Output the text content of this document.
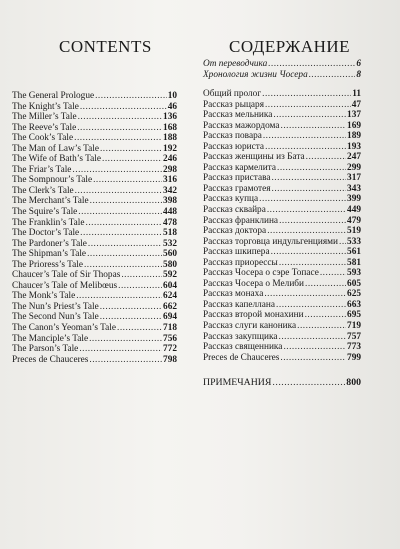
CONTENTS
The General Prologue .....	10
The Knight’s Tale .....	46
The Miller’s Tale .....	136
The Reeve’s Tale .....	168
The Cook’s Tale .....	188
The Man of Law’s Tale .....	192
The Wife of Bath’s Tale .....	246
The Friar’s Tale .....	298
The Sompnour’s Tale .....	316
The Clerk’s Tale .....	342
The Merchant’s Tale .....	398
The Squire’s Tale .....	448
The Franklin’s Tale .....	478
The Doctor’s Tale .....	518
The Pardoner’s Tale .....	532
The Shipman’s Tale .....	560
The Prioress’s Tale .....	580
Chaucer’s Tale of Sir Thopas .....	592
Chaucer’s Tale of Melibœus .....	604
The Monk’s Tale .....	624
The Nun’s Priest’s Tale .....	662
The Second Nun’s Tale .....	694
The Canon’s Yeoman’s Tale .....	718
The Manciple’s Tale .....	756
The Parson’s Tale .....	772
Preces de Chauceres .....	798
СОДЕРЖАНИЕ
От переводчика .....	6
Хронология жизни Чосера .....	8
Общий пролог .....	11
Рассказ рыцаря .....	47
Рассказ мельника .....	137
Рассказ мажордома .....	169
Рассказ повара .....	189
Рассказ юриста .....	193
Рассказ женщины из Бата .....	247
Рассказ кармелита .....	299
Рассказ пристава .....	317
Рассказ грамотея .....	343
Рассказ купца .....	399
Рассказ сквайра .....	449
Рассказ франклина .....	479
Рассказ доктора .....	519
Рассказ торговца индульгенциями ..... 533
Рассказ шкипера .....	561
Рассказ приорессы .....	581
Рассказ Чосера о сэре Топасе .....	593
Рассказ Чосера о Мелиби .....	605
Рассказ монаха .....	625
Рассказ капеллана .....	663
Рассказ второй монахини .....	695
Рассказ слуги каноника .....	719
Рассказ закупщика .....	757
Рассказ священника .....	773
Preces de Chauceres .....	799
ПРИМЕЧАНИЯ .....	800
